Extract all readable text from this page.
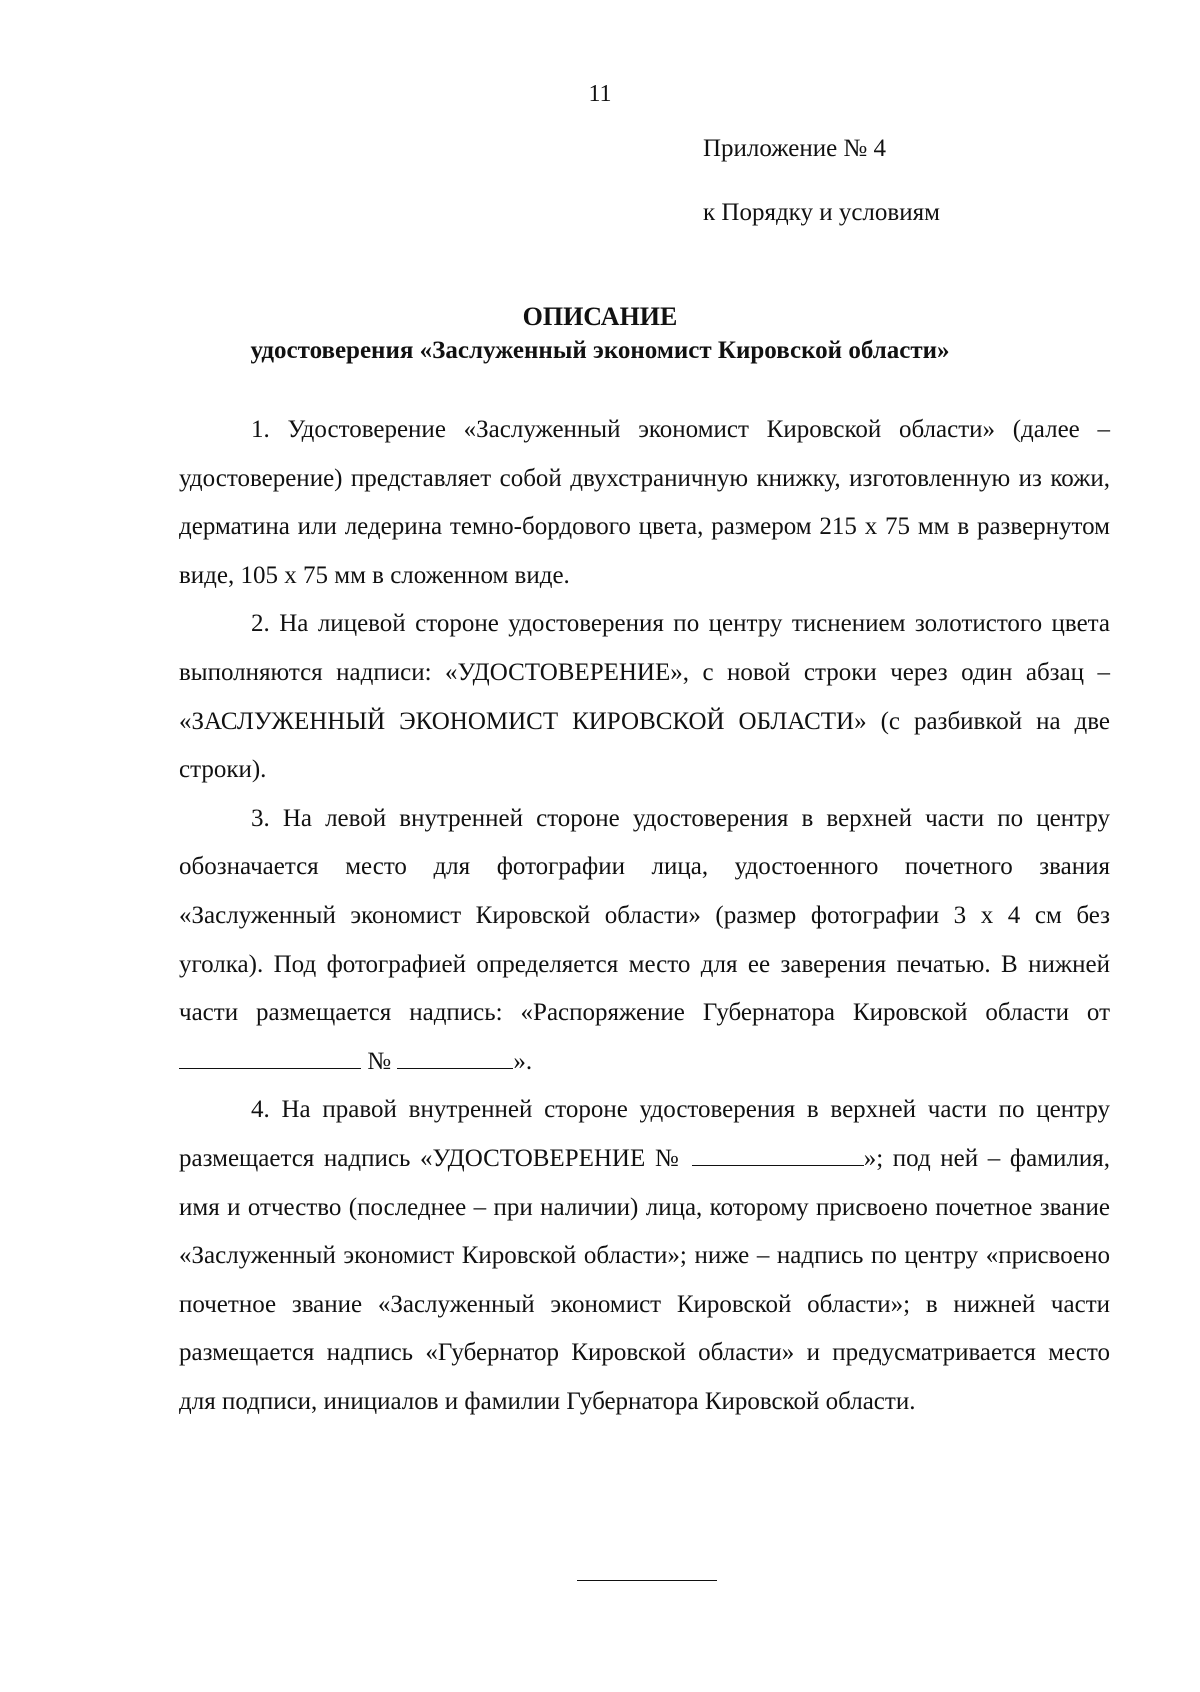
11
Приложение № 4
к Порядку и условиям
ОПИСАНИЕ
удостоверения «Заслуженный экономист Кировской области»

1. Удостоверение «Заслуженный экономист Кировской области» (далее – удостоверение) представляет собой двухстраничную книжку, изготовленную из кожи, дерматина или ледерина темно-бордового цвета, размером 215 х 75 мм в развернутом виде, 105 х 75 мм в сложенном виде.

2. На лицевой стороне удостоверения по центру тиснением золотистого цвета выполняются надписи: «УДОСТОВЕРЕНИЕ», с новой строки через один абзац – «ЗАСЛУЖЕННЫЙ ЭКОНОМИСТ КИРОВСКОЙ ОБЛАСТИ» (с разбивкой на две строки).

3. На левой внутренней стороне удостоверения в верхней части по центру обозначается место для фотографии лица, удостоенного почетного звания «Заслуженный экономист Кировской области» (размер фотографии 3 х 4 см без уголка). Под фотографией определяется место для ее заверения печатью. В нижней части размещается надпись: «Распоряжение Губернатора Кировской области от  №	».

4. На правой внутренней стороне удостоверения в верхней части по центру размещается надпись «УДОСТОВЕРЕНИЕ №	»; под ней – фамилия, имя и отчество (последнее – при наличии) лица, которому присвоено почетное звание «Заслуженный экономист Кировской области»; ниже – надпись по центру «присвоено почетное звание «Заслуженный экономист Кировской области»; в нижней части размещается надпись «Губернатор Кировской области» и предусматривается место для подписи, инициалов и фамилии Губернатора Кировской области.
